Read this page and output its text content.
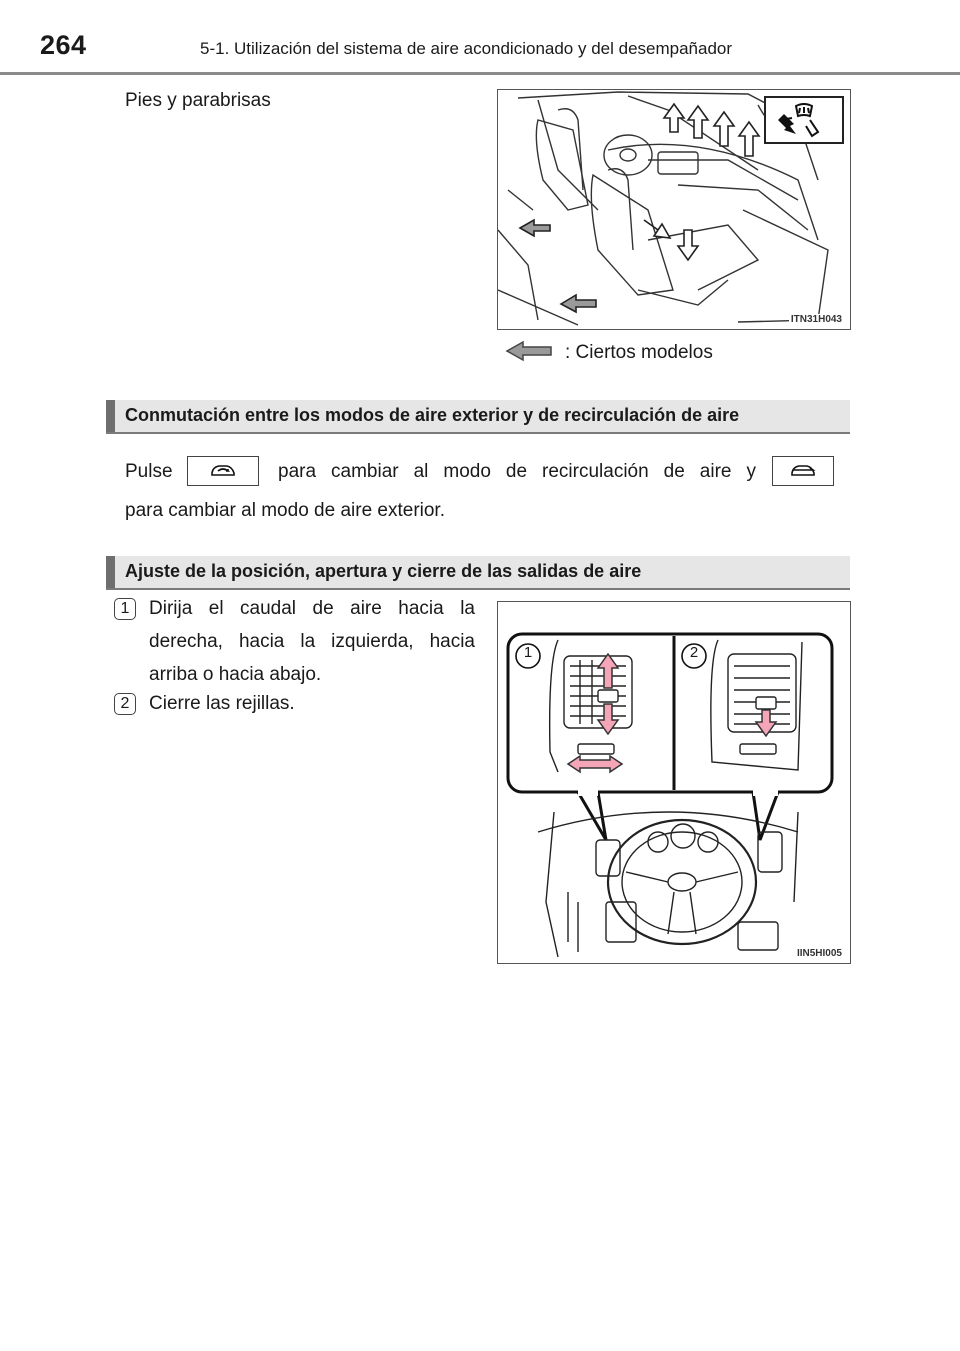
264	5-1. Utilización del sistema de aire acondicionado y del desempañador
Pies y parabrisas
ITN31H043
: Ciertos modelos
Conmutación entre los modos de aire exterior y de recirculación de aire
Pulse	para cambiar al modo de recirculación de aire y
para cambiar al modo de aire exterior.
Ajuste de la posición, apertura y cierre de las salidas de aire
1	Dirija el caudal de aire hacia la derecha, hacia la izquierda, hacia arriba o hacia abajo.
2	Cierre las rejillas.
1	2
IIN5HI005
